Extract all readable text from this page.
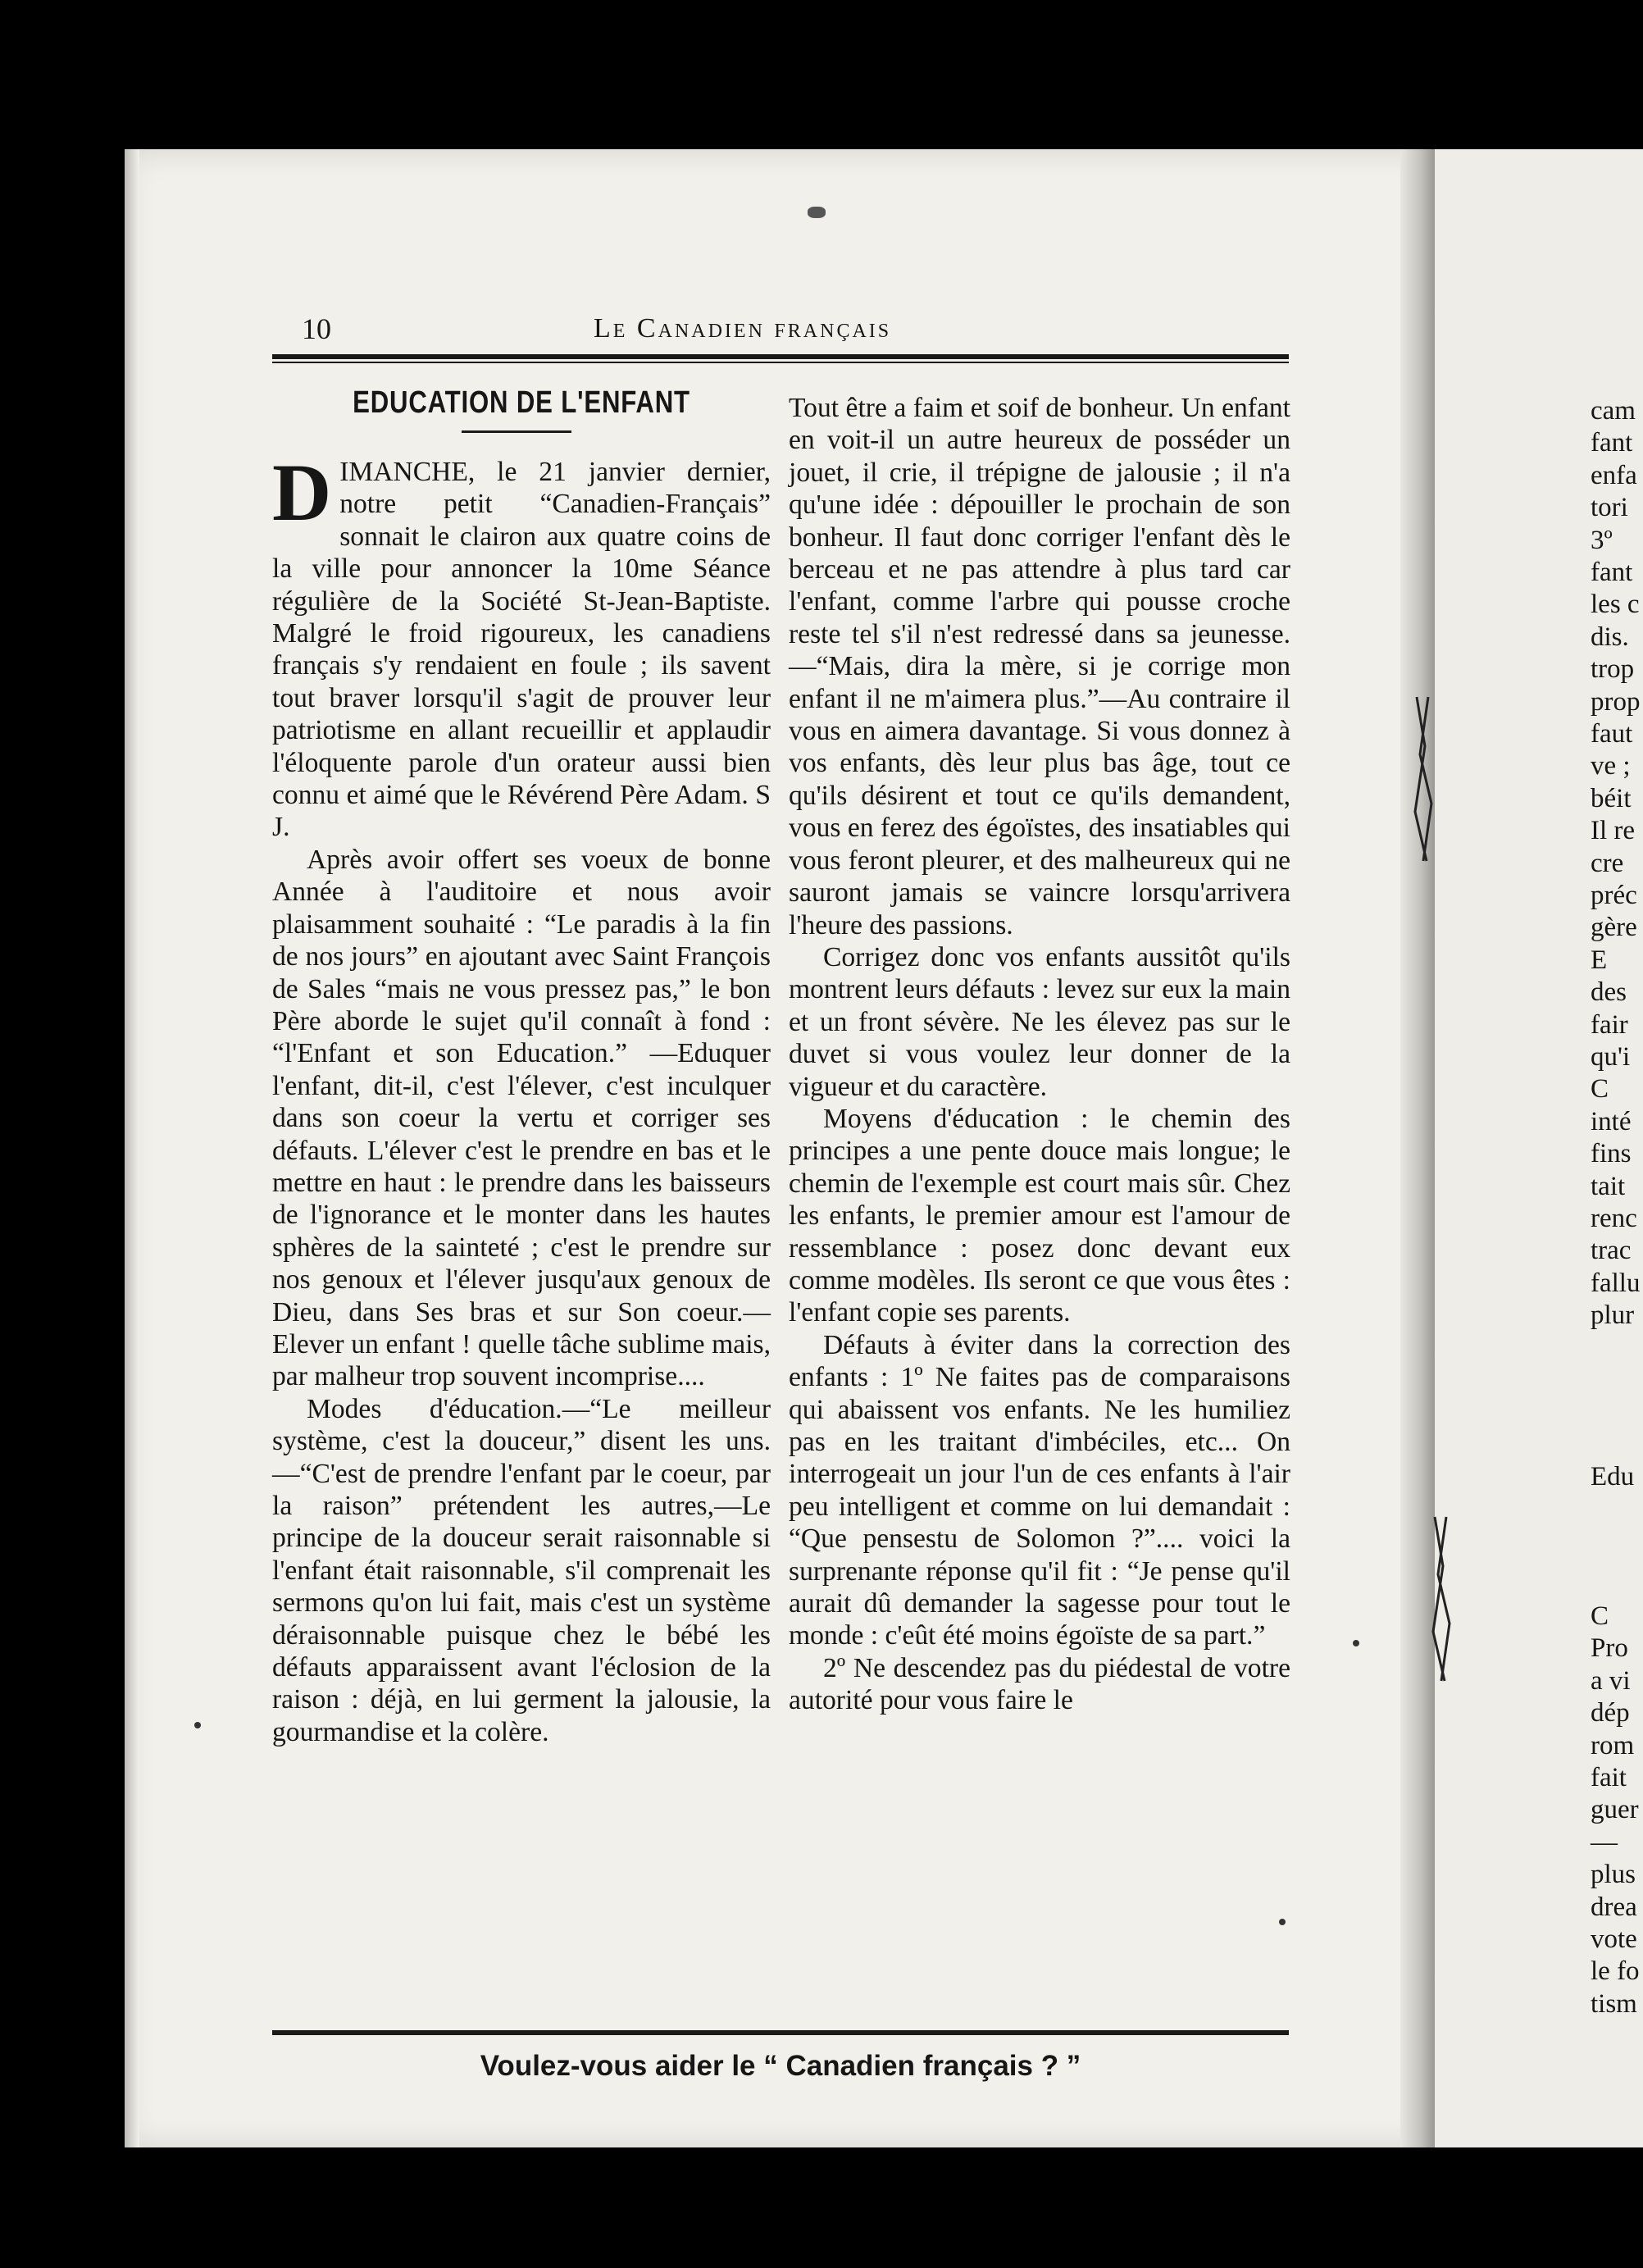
cam
fant
enfa
tori
3º
fant
les c
dis.
trop
prop
faut
ve ;
béit
Il re
cre
préc
gère
E
des
fair
qu'i
C
inté
fins
tait
renc
trac
fallu
plur
Edu
C
Pro
a vi
dép
rom
fait
guer
—
plus
drea
vote
le fo
tism
10	Le Canadien français
EDUCATION DE L'ENFANT

DIMANCHE, le 21 janvier dernier, notre petit “Canadien-Français” sonnait le clairon aux quatre coins de la ville pour annoncer la 10me Séance régulière de la Société St-Jean-Baptiste. Malgré le froid rigoureux, les canadiens français s'y rendaient en foule ; ils savent tout braver lorsqu'il s'agit de prouver leur patriotisme en allant recueillir et applaudir l'éloquente parole d'un orateur aussi bien connu et aimé que le Révérend Père Adam. S J.

Après avoir offert ses voeux de bonne Année à l'auditoire et nous avoir plaisamment souhaité : “Le paradis à la fin de nos jours” en ajoutant avec Saint François de Sales “mais ne vous pressez pas,” le bon Père aborde le sujet qu'il connaît à fond : “l'Enfant et son Education.” —Eduquer l'enfant, dit-il, c'est l'élever, c'est inculquer dans son coeur la vertu et corriger ses défauts. L'élever c'est le prendre en bas et le mettre en haut : le prendre dans les baisseurs de l'ignorance et le monter dans les hautes sphères de la sainteté ; c'est le prendre sur nos genoux et l'élever jusqu'aux genoux de Dieu, dans Ses bras et sur Son coeur.—Elever un enfant ! quelle tâche sublime mais, par malheur trop souvent incomprise....

Modes d'éducation.—“Le meilleur système, c'est la douceur,” disent les uns.—“C'est de prendre l'enfant par le coeur, par la raison” prétendent les autres,—Le principe de la douceur serait raisonnable si l'enfant était raisonnable, s'il comprenait les sermons qu'on lui fait, mais c'est un système déraisonnable puisque chez le bébé les défauts apparaissent avant l'éclosion de la raison : déjà, en lui germent la jalousie, la gourmandise et la colère.

Tout être a faim et soif de bonheur. Un enfant en voit-il un autre heureux de posséder un jouet, il crie, il trépigne de jalousie ; il n'a qu'une idée : dépouiller le prochain de son bonheur. Il faut donc corriger l'enfant dès le berceau et ne pas attendre à plus tard car l'enfant, comme l'arbre qui pousse croche reste tel s'il n'est redressé dans sa jeunesse. —“Mais, dira la mère, si je corrige mon enfant il ne m'aimera plus.”—Au contraire il vous en aimera davantage. Si vous donnez à vos enfants, dès leur plus bas âge, tout ce qu'ils désirent et tout ce qu'ils demandent, vous en ferez des égoïstes, des insatiables qui vous feront pleurer, et des malheureux qui ne sauront jamais se vaincre lorsqu'arrivera l'heure des passions.

Corrigez donc vos enfants aussitôt qu'ils montrent leurs défauts : levez sur eux la main et un front sévère. Ne les élevez pas sur le duvet si vous voulez leur donner de la vigueur et du caractère.

Moyens d'éducation : le chemin des principes a une pente douce mais longue; le chemin de l'exemple est court mais sûr. Chez les enfants, le premier amour est l'amour de ressemblance : posez donc devant eux comme modèles. Ils seront ce que vous êtes : l'enfant copie ses parents.

Défauts à éviter dans la correction des enfants : 1º Ne faites pas de comparaisons qui abaissent vos enfants. Ne les humiliez pas en les traitant d'imbéciles, etc... On interrogeait un jour l'un de ces enfants à l'air peu intelligent et comme on lui demandait : “Que pensestu de Solomon ?”.... voici la surprenante réponse qu'il fit : “Je pense qu'il aurait dû demander la sagesse pour tout le monde : c'eût été moins égoïste de sa part.”

2º Ne descendez pas du piédestal de votre autorité pour vous faire le

Voulez-vous aider le “ Canadien français ? ”
